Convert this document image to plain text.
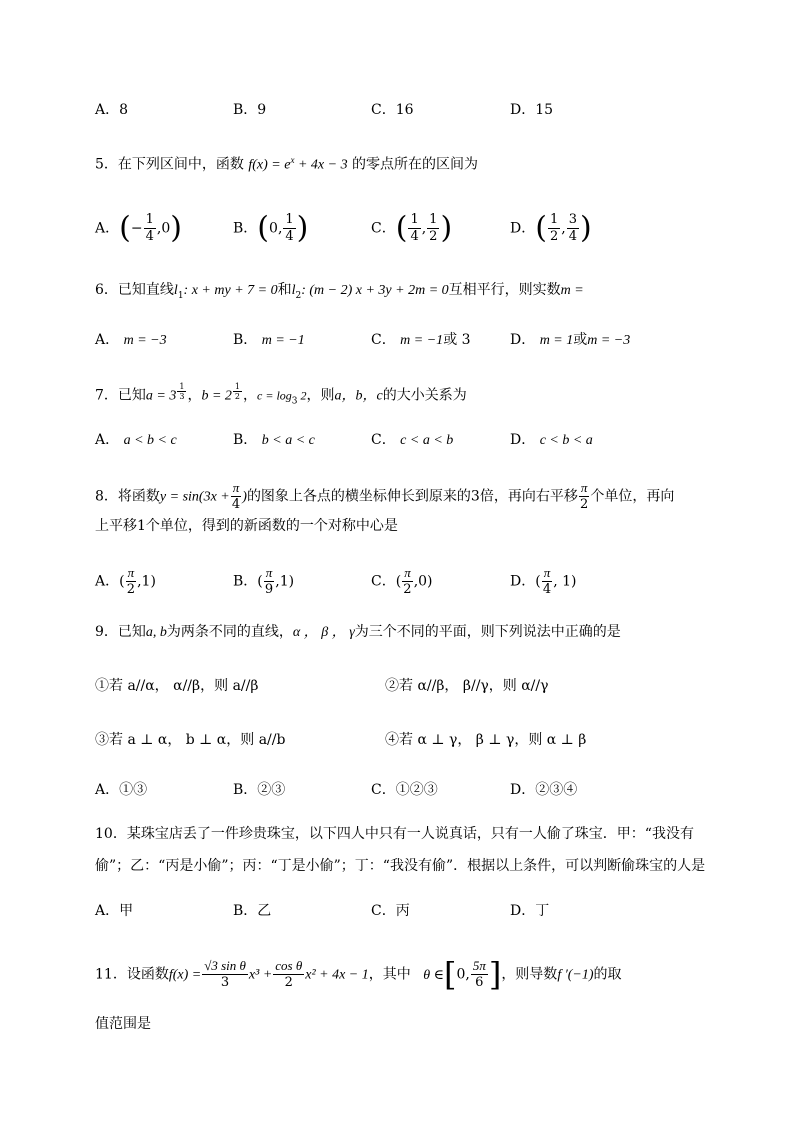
A．8	B．9	C．16	D．15
5．在下列区间中，函数 $f(x) = e^x + 4x - 3$ 的零点所在的区间为
A．(− $\frac{1}{4} ,0$)	B．(0, $\frac{1}{4}$ )	C．( $\frac{1}{4}$ , $\frac{1}{2}$ )	D．( $\frac{1}{2}$ , $\frac{3}{4}$ )
6．已知直线$l_1$: x + my + 7 = 0和$l_2$: (m − 2) x + 3y + 2m = 0互相平行，则实数m =
A． m = −3	B． m = −1	C． m = −1或 3	D． m = 1或m = −3
7．已知a = 3 $^{\frac{1}{3}}$ ，b = 2 $^{\frac{1}{2}}$ ，$c = \log_3 2$，则a，b，c的大小关系为
A． a < b < c	B． b < a < c	C． c < a < b	D． c < b < a
8．将函数$y = \sin(3x + \frac{\pi}{4}$ )的图象上各点的横坐标伸长到原来的3倍，再向右平移 $\frac{\pi}{2}$ 个单位，再向
上平移1个单位，得到的新函数的一个对称中心是
A．( $\frac{\pi}{2} ,1$)	B．( $\frac{\pi}{9} ,1$)	C．( $\frac{\pi}{2} ,0$)	D．( $\frac{\pi}{4}$ , 1)
9．已知a, b为两条不同的直线，α ， β ， γ为三个不同的平面，则下列说法中正确的是
①若 a//α， α//β，则 a//β	②若 α//β， β//γ，则 α//γ
③若 a ⊥ α， b ⊥ α，则 a//b	④若 α ⊥ γ， β ⊥ γ，则 α ⊥ β
A．①③	B．②③	C．①②③	D．②③④
10．某珠宝店丢了一件珍贵珠宝，以下四人中只有一人说真话，只有一人偷了珠宝．甲：“我没有
偷”；乙：“丙是小偷”；丙：“丁是小偷”；丁：“我没有偷”．根据以上条件，可以判断偷珠宝的人是
A．甲	B．乙	C．丙	D．丁
11．设函数$f(x) = \frac{\text{√3 sin θ}}{3} x^3 + \frac{\text{cos θ}}{2} x^2 + 4x - 1$，其中 θ ∈[0, $\frac{5\pi}{6}$ ]，则导数f ′(−1)的取
值范围是
